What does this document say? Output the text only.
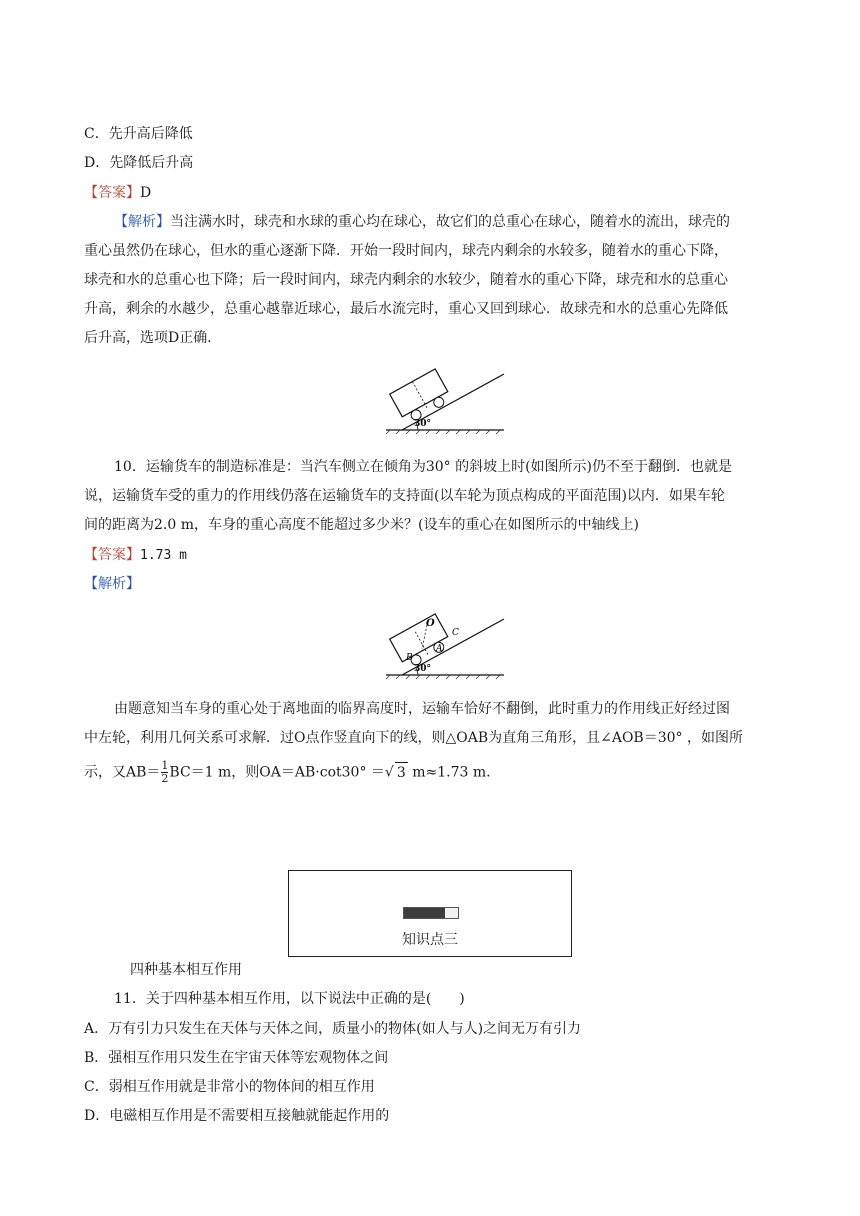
C．先升高后降低
D．先降低后升高
【答案】D
【解析】当注满水时，球壳和水球的重心均在球心，故它们的总重心在球心，随着水的流出，球壳的
重心虽然仍在球心，但水的重心逐渐下降．开始一段时间内，球壳内剩余的水较多，随着水的重心下降，
球壳和水的总重心也下降；后一段时间内，球壳内剩余的水较少，随着水的重心下降，球壳和水的总重心
升高，剩余的水越少，总重心越靠近球心，最后水流完时，重心又回到球心．故球壳和水的总重心先降低
后升高，选项D正确．
30°
10．运输货车的制造标准是：当汽车侧立在倾角为30° 的斜坡上时(如图所示)仍不至于翻倒．也就是
说，运输货车受的重力的作用线仍落在运输货车的支持面(以车轮为顶点构成的平面范围)以内．如果车轮
间的距离为2.0 m，车身的重心高度不能超过多少米？(设车的重心在如图所示的中轴线上)
【答案】1.73 m
【解析】
O
B
A
C
30°
由题意知当车身的重心处于离地面的临界高度时，运输车恰好不翻倒，此时重力的作用线正好经过图
中左轮，利用几何关系可求解．过O点作竖直向下的线，则△OAB为直角三角形，且∠AOB＝30° ，如图所
示，又$AB= \frac{1}{2} BC=1$ m，则OA＝AB·cot30° ＝√ 3 m≈1.73 m.
知识点三
四种基本相互作用
11．关于四种基本相互作用，以下说法中正确的是(　　)
A．万有引力只发生在天体与天体之间，质量小的物体(如人与人)之间无万有引力
B．强相互作用只发生在宇宙天体等宏观物体之间
C．弱相互作用就是非常小的物体间的相互作用
D．电磁相互作用是不需要相互接触就能起作用的
